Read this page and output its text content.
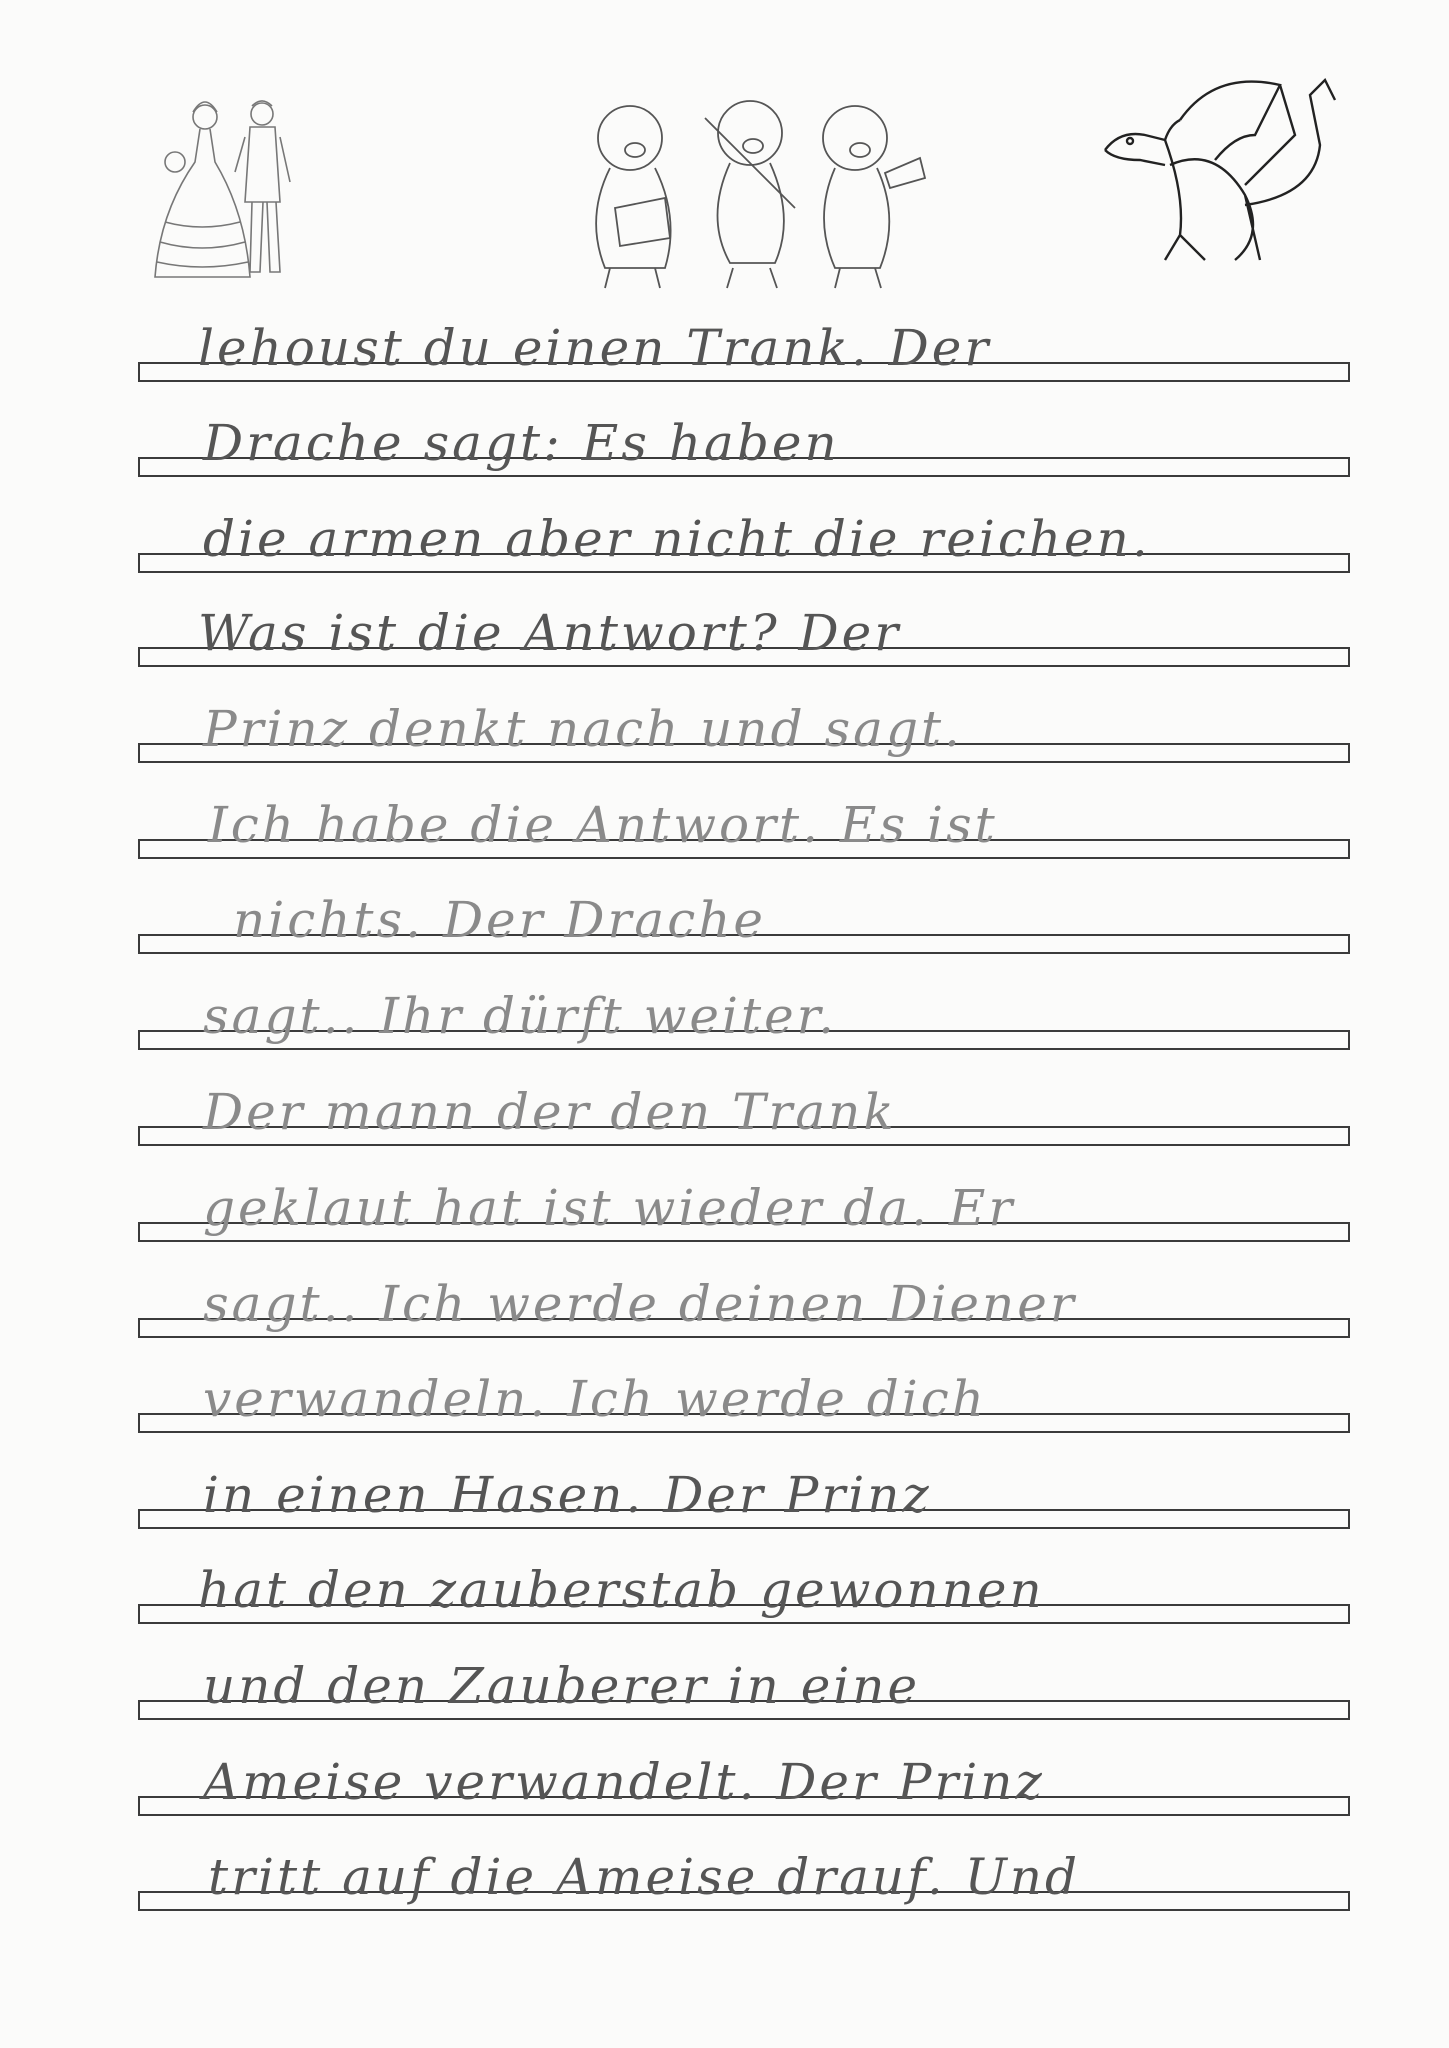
lehoust du einen Trank. Der
Drache sagt: Es haben
die armen aber nicht die reichen.
Was ist die Antwort? Der
Prinz denkt nach und sagt.
Ich habe die Antwort. Es ist
nichts. Der Drache
sagt.. Ihr dürft weiter.
Der mann der den Trank
geklaut hat ist wieder da. Er
sagt.. Ich werde deinen Diener
verwandeln. Ich werde dich
in einen Hasen. Der Prinz
hat den zauberstab gewonnen
und den Zauberer in eine
Ameise verwandelt. Der Prinz
tritt auf die Ameise drauf. Und
